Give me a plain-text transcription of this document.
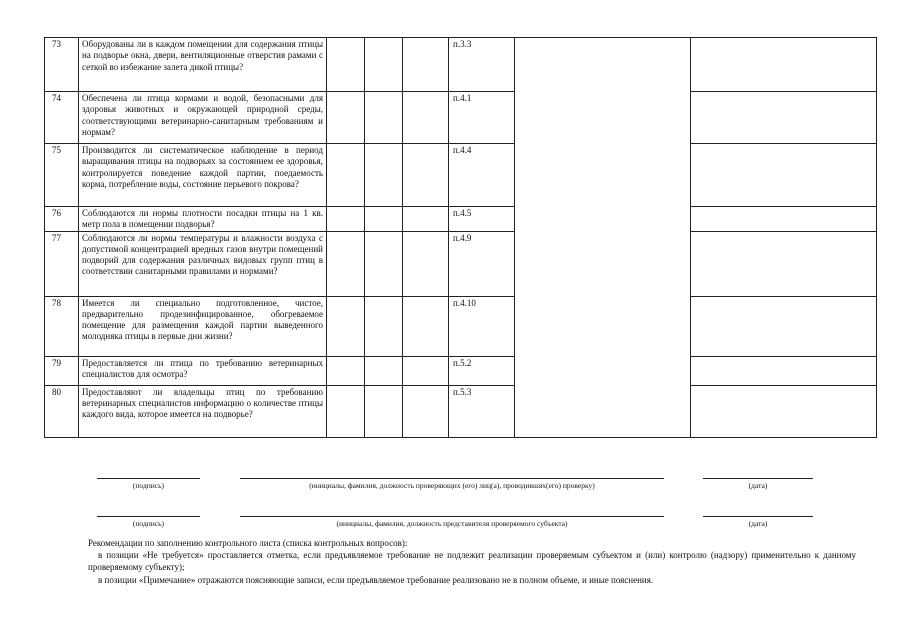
73	Оборудованы ли в каждом помещении для содержания птицы на подворье окна, двери, вентиляционные отверстия рамами с сеткой во избежание залета дикой птицы?				п.3.3		
74	Обеспечена ли птица кормами и водой, безопасными для здоровья животных и окружающей природной среды, соответствующими ветеринарно-санитарным требованиям и нормам?				п.4.1		
75	Производится ли систематическое наблюдение в период выращивания птицы на подворьях за состоянием ее здоровья, контролируется поведение каждой партии, поедаемость корма, потребление воды, состояние перьевого покрова?				п.4.4		
76	Соблюдаются ли нормы плотности посадки птицы на 1 кв. метр пола в помещении подворья?				п.4.5		
77	Соблюдаются ли нормы температуры и влажности воздуха с допустимой концентрацией вредных газов внутри помещений подворий для содержания различных видовых групп птиц в соответствии санитарными правилами и нормами?				п.4.9		
78	Имеется ли специально подготовленное, чистое, предварительно продезинфицированное, обогреваемое помещение для размещения каждой партии выведенного молодняка птицы в первые дни жизни?				п.4.10		
79	Предоставляется ли птица по требованию ветеринарных специалистов для осмотра?				п.5.2		
80	Предоставляют ли владельцы птиц по требованию ветеринарных специалистов информацию о количестве птицы каждого вида, которое имеется на подворье?				п.5.3		
(подпись)	(инициалы, фамилия, должность проверяющих (его) лиц(а), проводившях(его) проверку)	(дата)
(подпись)	(инициалы, фамилия, должность представителя проверяемого субъекта)	(дата)

Рекомендации по заполнению контрольного листа (списка контрольных вопросов):

в позиции «Не требуется» проставляется отметка, если предъявляемое требование не подлежит реализации проверяемым субъектом и (или) контролю (надзору) применительно к данному проверяемому субъекту);

в позиции «Примечание» отражаются поясняющие записи, если предъявляемое требование реализовано не в полном объеме, и иные пояснения.
